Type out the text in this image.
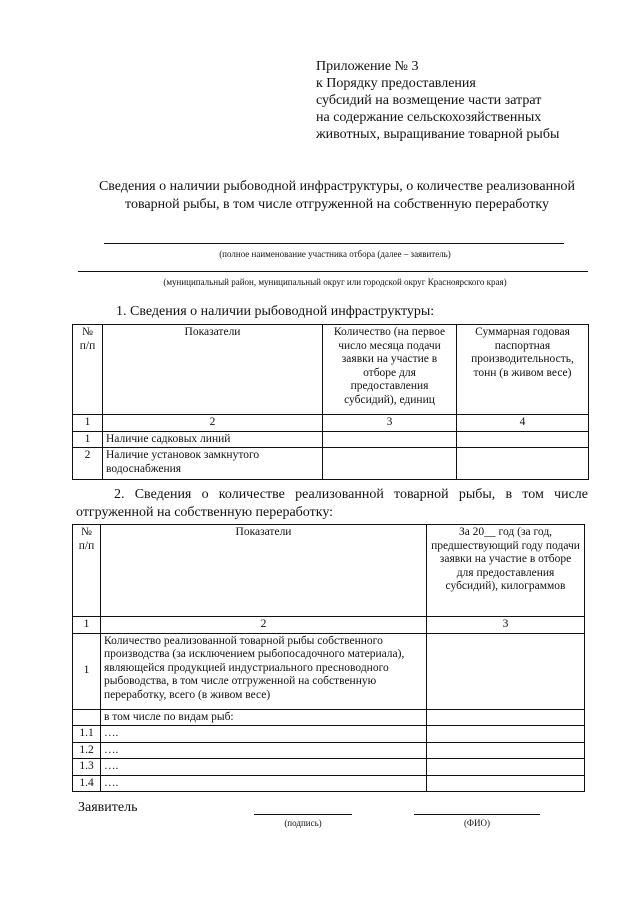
Приложение № 3
к Порядку предоставления
субсидий на возмещение части затрат
на содержание сельскохозяйственных
животных, выращивание товарной рыбы
Сведения о наличии рыбоводной инфраструктуры, о количестве реализованной
товарной рыбы, в том числе отгруженной на собственную переработку
(полное наименование участника отбора (далее – заявитель)
(муниципальный район, муниципальный округ или городской округ Красноярского края)
1. Сведения о наличии рыбоводной инфраструктуры:
№ п/п	Показатели	Количество (на первое число месяца подачи заявки на участие в отборе для предоставления субсидий), единиц	Суммарная годовая паспортная производительность, тонн (в живом весе)
1	2	3	4
1	Наличие садковых линий		
2	Наличие установок замкнутого водоснабжения		
2. Сведения о количестве реализованной товарной рыбы, в том числе
отгруженной на собственную переработку:
№ п/п	Показатели	За 20__ год (за год, предшествующий году подачи заявки на участие в отборе для предоставления субсидий), килограммов
1	2	3
1	Количество реализованной товарной рыбы собственного производства (за исключением рыбопосадочного материала), являющейся продукцией индустриального пресноводного рыбоводства, в том числе отгруженной на собственную переработку, всего (в живом весе)	
	в том числе по видам рыб:	
1.1	….	
1.2	….	
1.3	….	
1.4	….	
Заявитель
(подпись)	(ФИО)
